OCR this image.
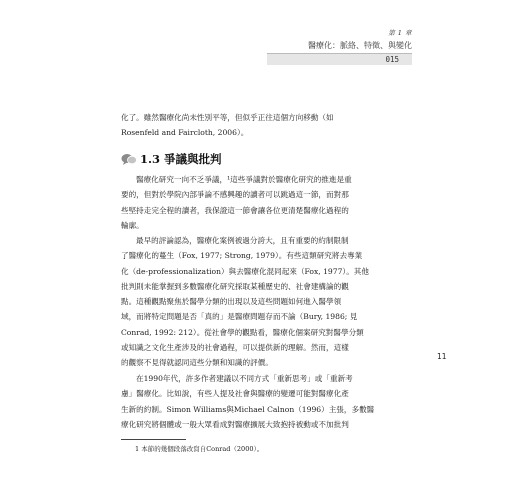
第 1 章
醫療化：脈絡、特徵、與變化
015
化了。雖然醫療化尚未性別平等，但似乎正往這個方向移動（如
Rosenfeld and Faircloth, 2006）。
1.3 爭議與批判
醫療化研究一向不乏爭議，¹這些爭議對於醫療化研究的推進是重
要的，但對於學院內部爭論不感興趣的讀者可以跳過這一節，而對那
些堅持走完全程的讀者，我保證這一節會讓各位更清楚醫療化過程的
輪廓。
最早的評論認為，醫療化案例被過分誇大，且有重要的約制限制
了醫療化的蔓生（Fox, 1977; Strong, 1979）。有些這類研究將去專業
化（de-professionalization）與去醫療化混同起來（Fox, 1977）。其他
批判則未能掌握到多數醫療化研究採取某種歷史的、社會建構論的觀
點。這種觀點聚焦於醫學分類的出現以及這些問題如何進入醫學領
域，而將特定問題是否「真的」是醫療問題存而不論（Bury, 1986; 見
Conrad, 1992: 212）。從社會學的觀點看，醫療化個案研究對醫學分類
或知識之文化生產涉及的社會過程，可以提供新的理解。然而，這樣
的觀察不見得就認同這些分類和知識的評價。
在1990年代，許多作者建議以不同方式「重新思考」或「重新考
慮」醫療化。比如說，有些人提及社會與醫療的變遷可能對醫療化產
生新的約制。Simon Williams與Michael Calnon（1996）主張，多數醫
療化研究將個體或一般大眾看成對醫療擴展大致抱持被動或不加批判
11
1 本節的幾個段落改寫自Conrad（2000）。
